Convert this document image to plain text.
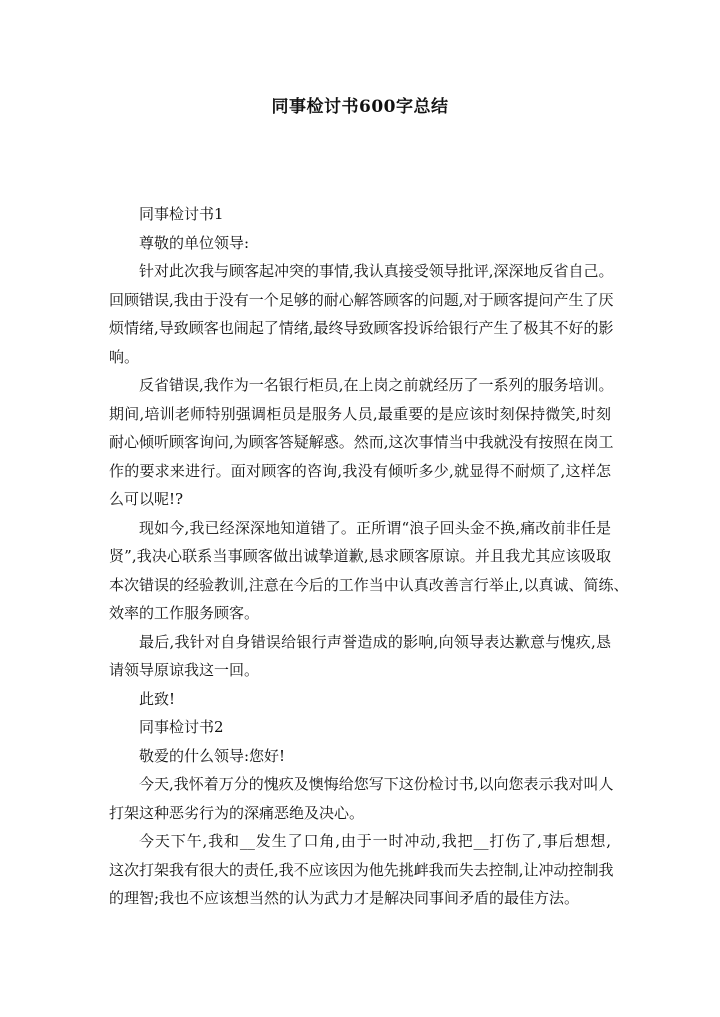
同事检讨书600字总结

同事检讨书1

尊敬的单位领导:

针对此次我与顾客起冲突的事情,我认真接受领导批评,深深地反省自己。

回顾错误,我由于没有一个足够的耐心解答顾客的问题,对于顾客提问产生了厌

烦情绪,导致顾客也闹起了情绪,最终导致顾客投诉给银行产生了极其不好的影

响。

反省错误,我作为一名银行柜员,在上岗之前就经历了一系列的服务培训。

期间,培训老师特别强调柜员是服务人员,最重要的是应该时刻保持微笑,时刻

耐心倾听顾客询问,为顾客答疑解惑。然而,这次事情当中我就没有按照在岗工

作的要求来进行。面对顾客的咨询,我没有倾听多少,就显得不耐烦了,这样怎

么可以呢!?

现如今,我已经深深地知道错了。正所谓“浪子回头金不换,痛改前非任是

贤”,我决心联系当事顾客做出诚挚道歉,恳求顾客原谅。并且我尤其应该吸取

本次错误的经验教训,注意在今后的工作当中认真改善言行举止,以真诚、简练、

效率的工作服务顾客。

最后,我针对自身错误给银行声誉造成的影响,向领导表达歉意与愧疚,恳

请领导原谅我这一回。

此致!

同事检讨书2

敬爱的什么领导:您好!

今天,我怀着万分的愧疚及懊悔给您写下这份检讨书,以向您表示我对叫人

打架这种恶劣行为的深痛恶绝及决心。

今天下午,我和__发生了口角,由于一时冲动,我把__打伤了,事后想想,

这次打架我有很大的责任,我不应该因为他先挑衅我而失去控制,让冲动控制我

的理智;我也不应该想当然的认为武力才是解决同事间矛盾的最佳方法。
